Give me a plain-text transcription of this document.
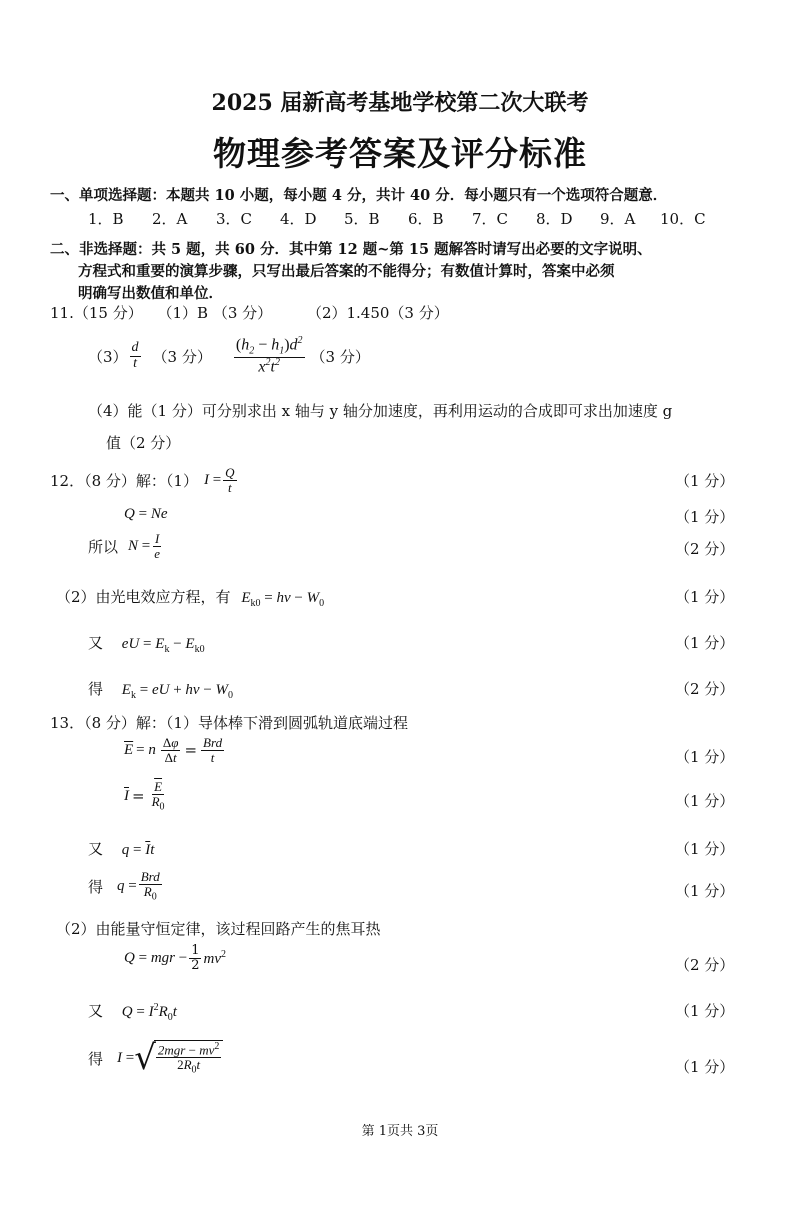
2025 届新高考基地学校第二次大联考
物理参考答案及评分标准
一、单项选择题：本题共 10 小题，每小题 4 分，共计 40 分．每小题只有一个选项符合题意．
1．B	2．A	3．C	4．D	5．B	6．B	7．C	8．D	9．A	10．C
二、非选择题：共 5 题，共 60 分．其中第 12 题~第 15 题解答时请写出必要的文字说明、
方程式和重要的演算步骤，只写出最后答案的不能得分；有数值计算时，答案中必须
明确写出数值和单位．
11.（15 分） （1）B （3 分） （2）1.450（3 分）
$(3) \frac{d}{t} (3$ 分） $\frac{(h_2 - h_1)d^2}{x^2t^2} (3$ 分）
（4）能（1 分）可分别求出 x 轴与 y 轴分加速度，再利用运动的合成即可求出加速度 g
值（2 分）
12．（8 分）解：（1） $I = \frac{Q}{t}$	（1 分）
Q = Ne	（1 分）
所以 $N = \frac{I}{e}$	（2 分）
（2）由光电效应方程，有 $E_{k0} = h\nu - W_0$	（1 分）
又 eU = $E_k - E_{k0}$	（1 分）
得 $E_k$ = eU + $h\nu - W_0$	（2 分）
13．（8 分）解：（1）导体棒下滑到圆弧轨道底端过程
$\overline{E} = n \frac{\Delta\varphi}{\Delta t} = \frac{\text{Brd}}{t}$	（1 分）
$\overline{I} = \frac{\overline{E}}{R_0}$	（1 分）
又 $q = \overline{I}t$	（1 分）
得 $q = \frac{\text{Brd}}{R_0}$	（1 分）
（2）由能量守恒定律，该过程回路产生的焦耳热
Q = mgr − $\frac{1}{2} mv^2$
（2 分）
又 $Q = I^2R_0t$	（1 分）
得 I = √ $\frac{2mgr - mv^2}{2R_0t}$	（1 分）
第 1页共 3页
